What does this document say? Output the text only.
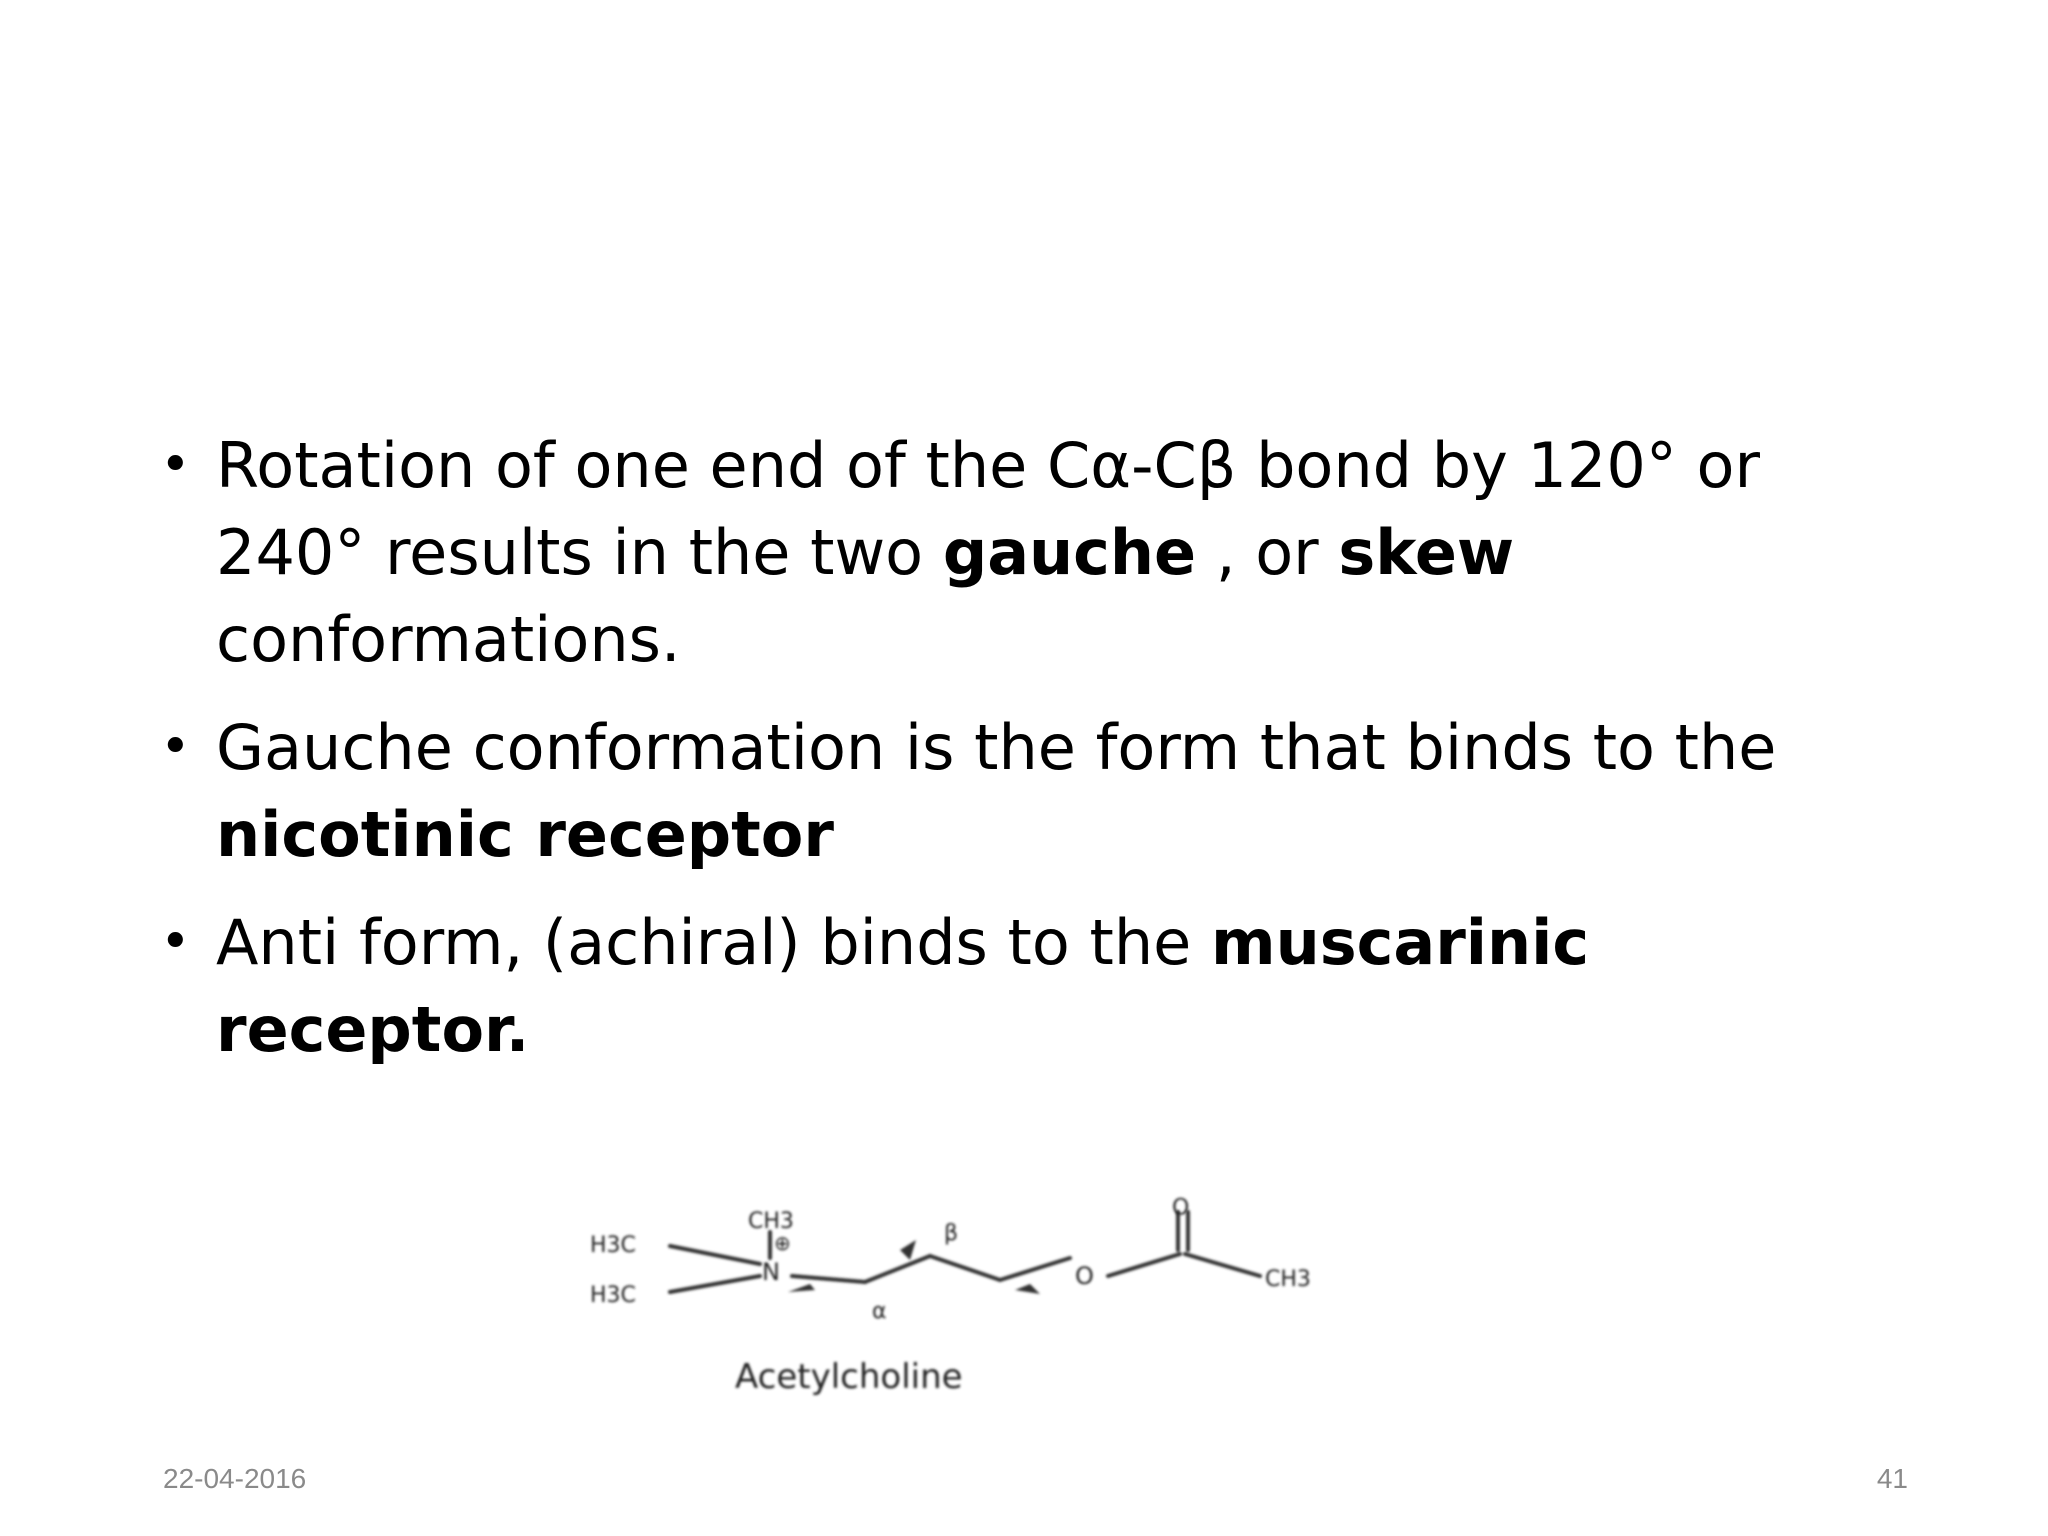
• Rotation of one end of the Cα-Cβ bond by 120° or 240° results in the two gauche , or skew conformations.
• Gauche conformation is the form that binds to the nicotinic receptor
• Anti form, (achiral) binds to the muscarinic receptor.
CH3
H3C
H3C
N
⊕	β
α
O
O
CH3
Acetylcholine
22-04-2016	41
